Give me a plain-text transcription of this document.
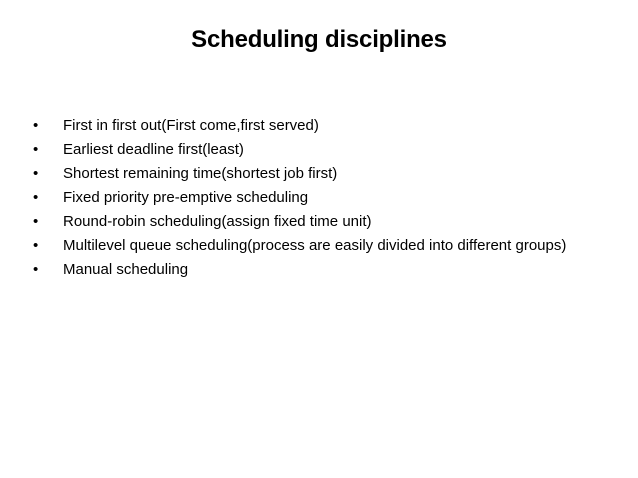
Scheduling disciplines
•	First in first out(First come,first served)
•	Earliest deadline first(least)
•	Shortest remaining time(shortest job first)
•	Fixed priority pre-emptive scheduling
•	Round-robin scheduling(assign fixed time unit)
•	Multilevel queue scheduling(process are easily divided into different groups)
•	Manual scheduling
